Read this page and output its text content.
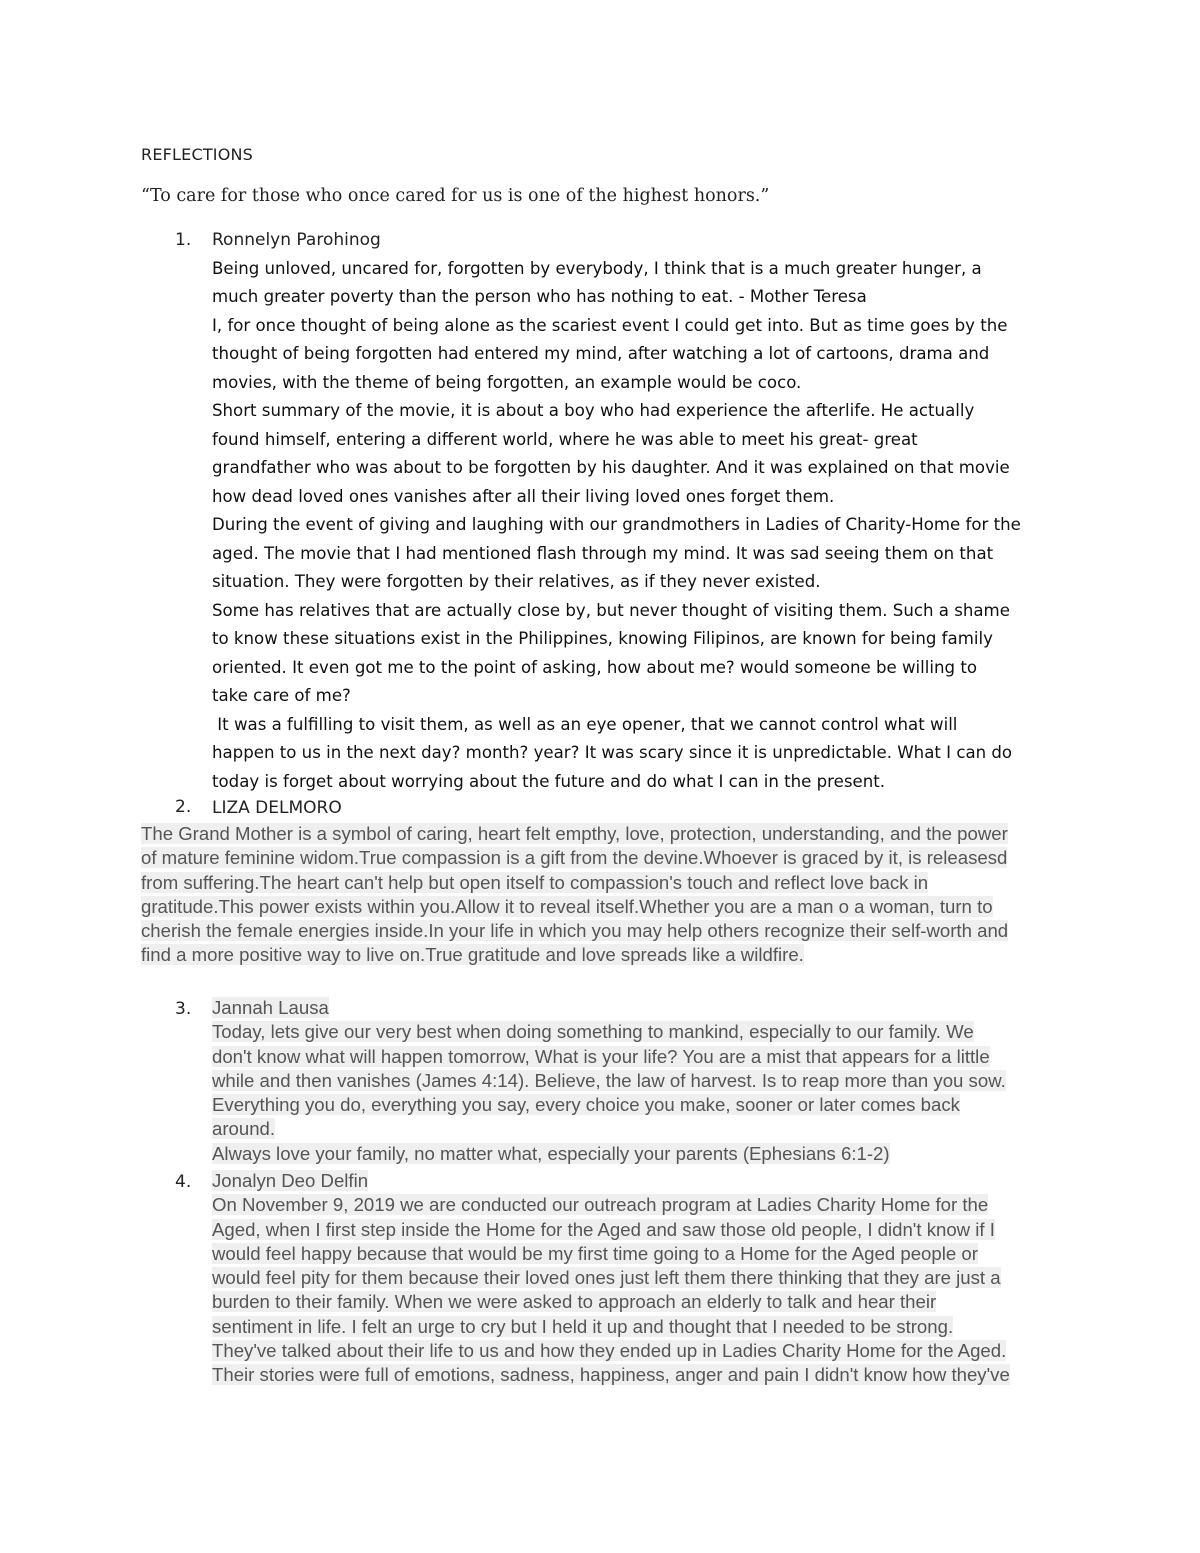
REFLECTIONS
“To care for those who once cared for us is one of the highest honors.”
1. Ronnelyn Parohinog
Being unloved, uncared for, forgotten by everybody, I think that is a much greater hunger, a
much greater poverty than the person who has nothing to eat. - Mother Teresa
I, for once thought of being alone as the scariest event I could get into. But as time goes by the
thought of being forgotten had entered my mind, after watching a lot of cartoons, drama and
movies, with the theme of being forgotten, an example would be coco.
Short summary of the movie, it is about a boy who had experience the afterlife. He actually
found himself, entering a different world, where he was able to meet his great- great
grandfather who was about to be forgotten by his daughter. And it was explained on that movie
how dead loved ones vanishes after all their living loved ones forget them.
During the event of giving and laughing with our grandmothers in Ladies of Charity-Home for the
aged. The movie that I had mentioned flash through my mind. It was sad seeing them on that
situation. They were forgotten by their relatives, as if they never existed.
Some has relatives that are actually close by, but never thought of visiting them. Such a shame
to know these situations exist in the Philippines, knowing Filipinos, are known for being family
oriented. It even got me to the point of asking, how about me? would someone be willing to
take care of me?
It was a fulfilling to visit them, as well as an eye opener, that we cannot control what will
happen to us in the next day? month? year? It was scary since it is unpredictable. What I can do
today is forget about worrying about the future and do what I can in the present.
2. LIZA DELMORO
The Grand Mother is a symbol of caring, heart felt empthy, love, protection, understanding, and the power
of mature feminine widom.True compassion is a gift from the devine.Whoever is graced by it, is releasesd
from suffering.The heart can't help but open itself to compassion's touch and reflect love back in
gratitude.This power exists within you.Allow it to reveal itself.Whether you are a man o a woman, turn to
cherish the female energies inside.In your life in which you may help others recognize their self-worth and
find a more positive way to live on.True gratitude and love spreads like a wildfire.
3. Jannah Lausa
Today, lets give our very best when doing something to mankind, especially to our family. We
don't know what will happen tomorrow, What is your life? You are a mist that appears for a little
while and then vanishes (James 4:14). Believe, the law of harvest. Is to reap more than you sow.
Everything you do, everything you say, every choice you make, sooner or later comes back
around.
Always love your family, no matter what, especially your parents (Ephesians 6:1-2)
4. Jonalyn Deo Delfin
On November 9, 2019 we are conducted our outreach program at Ladies Charity Home for the
Aged, when I first step inside the Home for the Aged and saw those old people, I didn't know if I
would feel happy because that would be my first time going to a Home for the Aged people or
would feel pity for them because their loved ones just left them there thinking that they are just a
burden to their family. When we were asked to approach an elderly to talk and hear their
sentiment in life. I felt an urge to cry but I held it up and thought that I needed to be strong.
They've talked about their life to us and how they ended up in Ladies Charity Home for the Aged.
Their stories were full of emotions, sadness, happiness, anger and pain I didn't know how they've
